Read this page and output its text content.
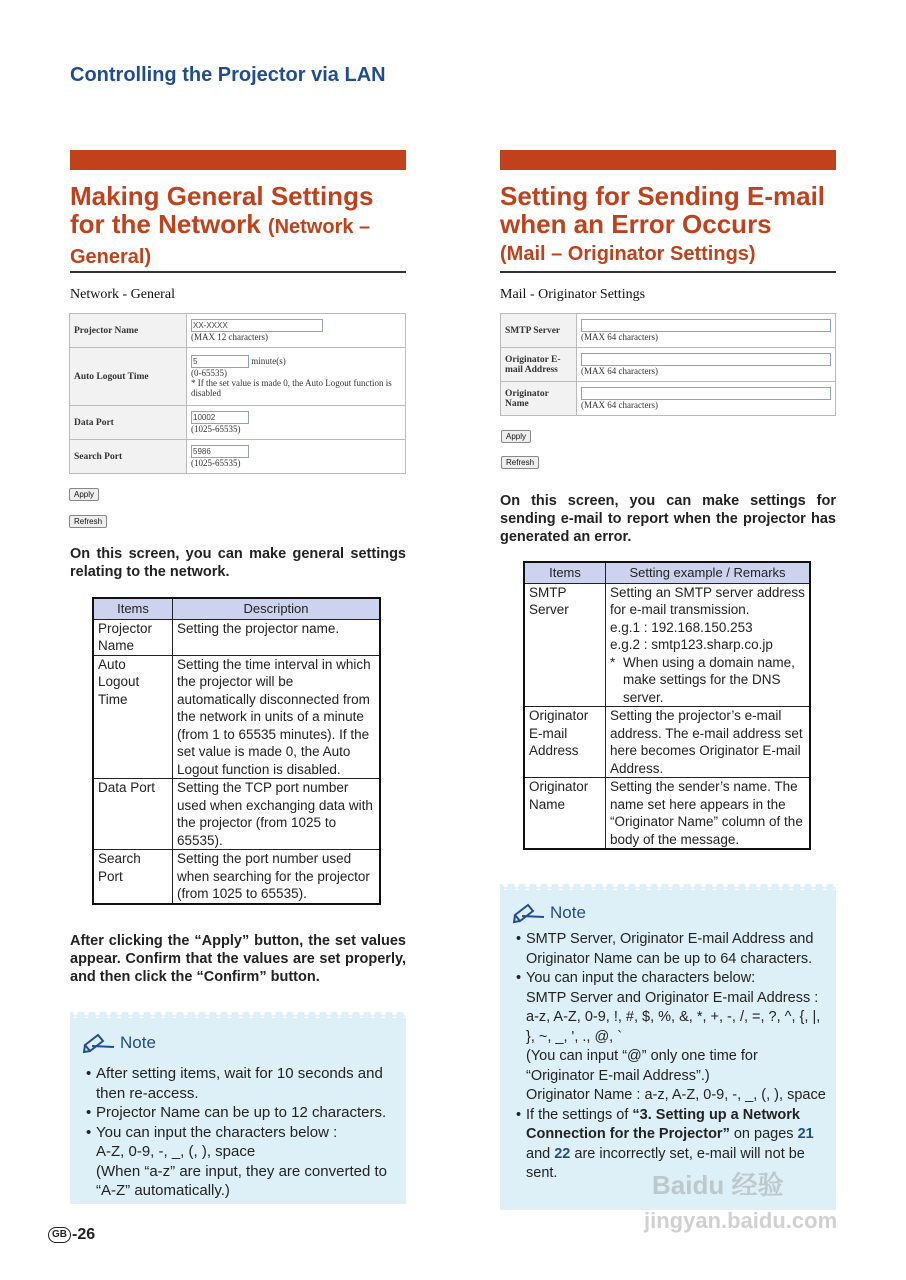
Controlling the Projector via LAN
Making General Settings
for the Network (Network –
General)
Network - General
Projector Name	XX-XXXX
(MAX 12 characters)
Auto Logout Time	5 minute(s)
(0-65535)
* If the set value is made 0, the Auto Logout function is disabled
Data Port	10002
(1025-65535)
Search Port	5986
(1025-65535)
Apply
Refresh
On this screen, you can make general settings relating to the network.
Items	Description
Projector Name	Setting the projector name.
Auto Logout Time	Setting the time interval in which the projector will be automatically disconnected from the network in units of a minute (from 1 to 65535 minutes). If the set value is made 0, the Auto Logout function is disabled.
Data Port	Setting the TCP port number used when exchanging data with the projector (from 1025 to 65535).
Search Port	Setting the port number used when searching for the projector (from 1025 to 65535).
After clicking the “Apply” button, the set values appear. Confirm that the values are set properly, and then click the “Confirm” button.
Note
• After setting items, wait for 10 seconds and then re-access.
• Projector Name can be up to 12 characters.
• You can input the characters below :
A-Z, 0-9, -, _, (, ), space
(When “a-z” are input, they are converted to “A-Z” automatically.)
Setting for Sending E-mail
when an Error Occurs
(Mail – Originator Settings)
Mail - Originator Settings
SMTP Server	(MAX 64 characters)
Originator E-mail Address	(MAX 64 characters)
Originator Name	(MAX 64 characters)
Apply
Refresh
On this screen, you can make settings for sending e-mail to report when the projector has generated an error.
Items	Setting example / Remarks
SMTP Server	Setting an SMTP server address for e-mail transmission.
e.g.1 : 192.168.150.253
e.g.2 : smtp123.sharp.co.jp
* When using a domain name, make settings for the DNS server.

Originator E-mail Address	Setting the projector’s e-mail address. The e-mail address set here becomes Originator E-mail Address.
Originator Name	Setting the sender’s name. The name set here appears in the “Originator Name” column of the body of the message.
Note
• SMTP Server, Originator E-mail Address and Originator Name can be up to 64 characters.
• You can input the characters below:
SMTP Server and Originator E-mail Address : a-z, A-Z, 0-9, !, #, $, %, &, *, +, -, /, =, ?, ^, {, |, }, ~, _, ', ., @, `
(You can input “@” only one time for “Originator E-mail Address”.)
Originator Name : a-z, A-Z, 0-9, -, _, (, ), space
• If the settings of “3. Setting up a Network Connection for the Projector” on pages 21 and 22 are incorrectly set, e-mail will not be sent.
GB -26
Baidu 经验
jingyan.baidu.com
